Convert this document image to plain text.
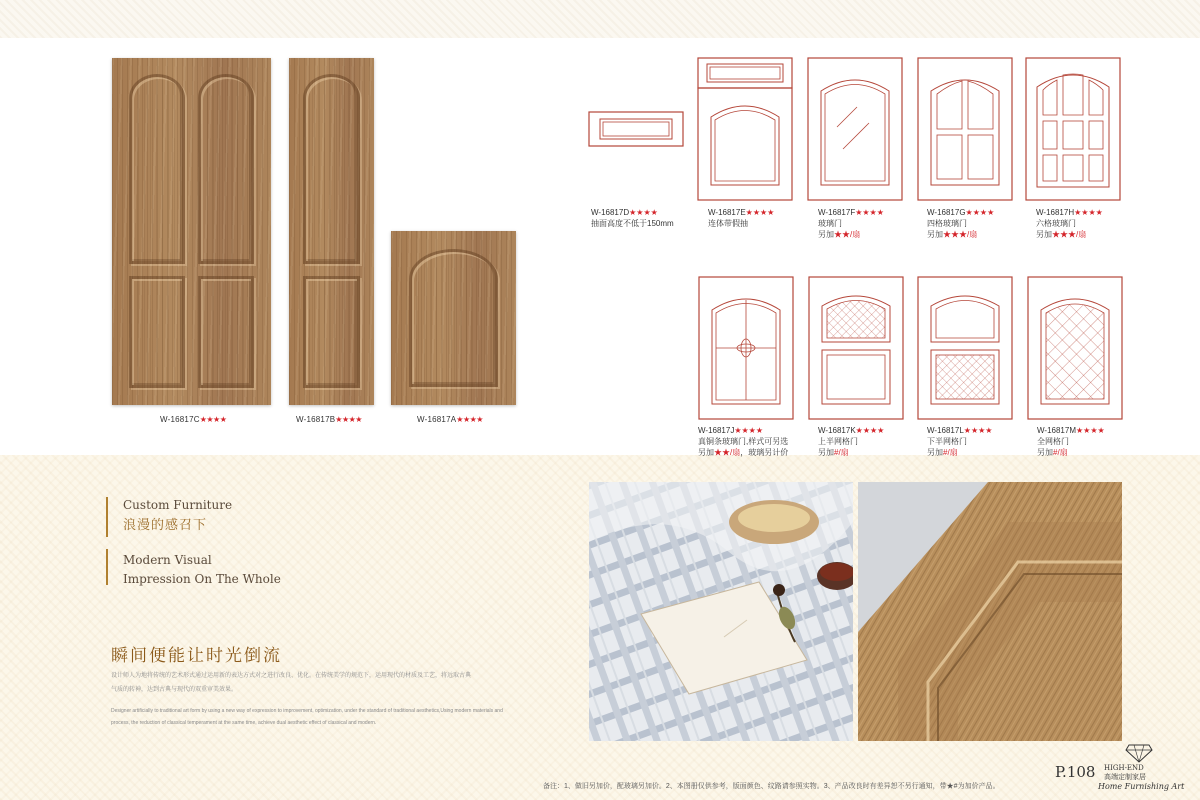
W-16817C★★★★	W-16817B★★★★	W-16817A★★★★
W-16817D★★★★
抽面高度不低于150mm
W-16817E★★★★
连体带假抽
W-16817F★★★★
玻璃门
另加★★/扇
W-16817G★★★★
四格玻璃门
另加★★★/扇
W-16817H★★★★
六格玻璃门
另加★★★/扇
W-16817J★★★★
真铜条玻璃门,样式可另选
另加★★/扇，玻璃另计价
W-16817K★★★★
上半网格门
另加#/扇
W-16817L★★★★
下半网格门
另加#/扇
W-16817M★★★★
全网格门
另加#/扇
Custom Furniture
浪漫的感召下
Modern Visual
Impression On The Whole
瞬间便能让时光倒流
设计师人为地将传统的艺术形式通过运用新的表达方式对之进行改良、优化。在传统美学的规范下，运用现代的材质及工艺，将远取古典
气质的转神，达到古典与现代的双重审美效果。
Designer artificially to traditional art form by using a new way of expression to improvement, optimization, under the standard of traditional aesthetics,Using modern materials and
process, the reduction of classical temperament at the same time, achieve dual aesthetic effect of classical and modern.
备注：1、做旧另加价，配玻璃另加价。2、本图册仅供参考，版面颜色、纹路请参照实物。3、产品改良时有差异恕不另行通知，带★#为加价产品。
P.108 HIGH-END
高端定制家居
Home Furnishing Art
